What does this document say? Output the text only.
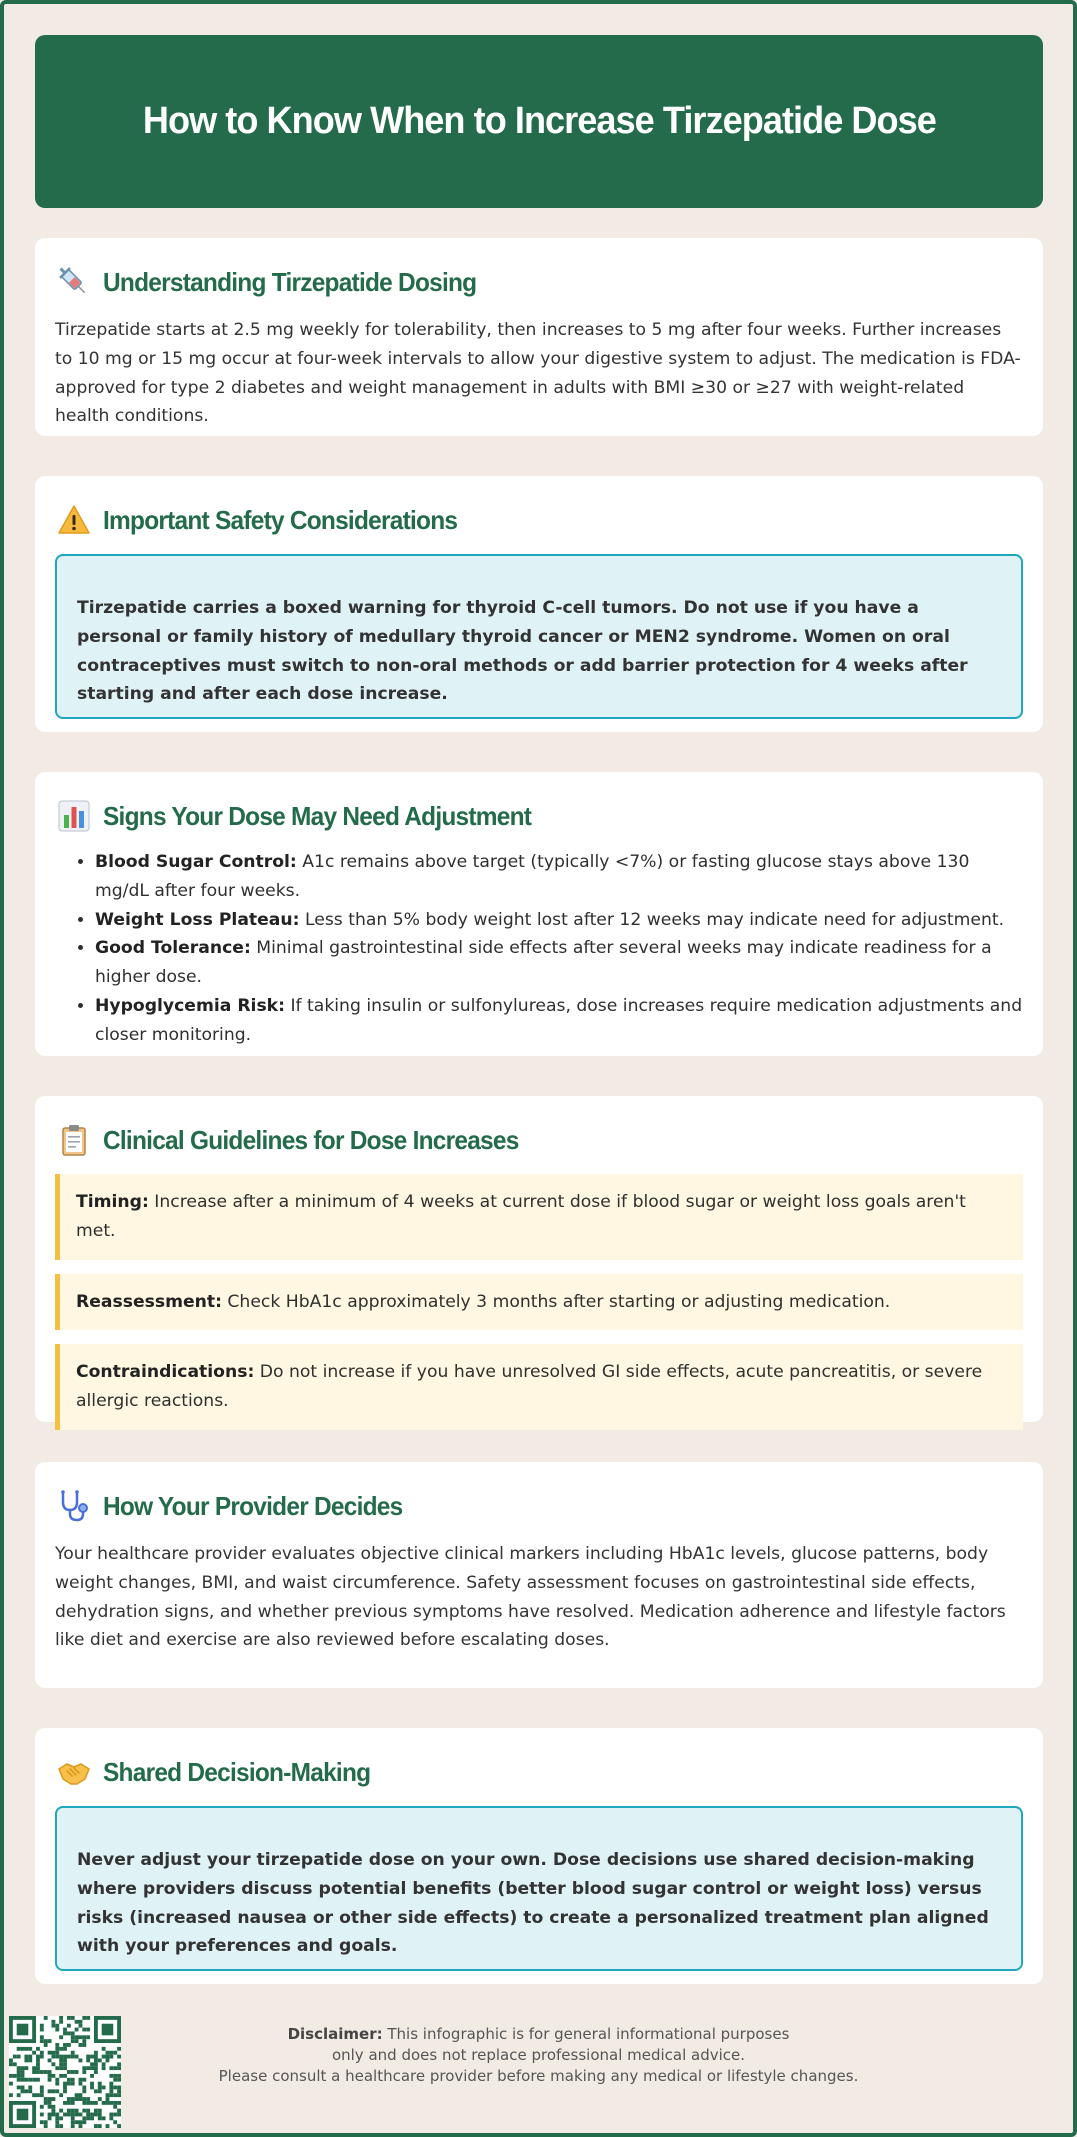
How to Know When to Increase Tirzepatide Dose
Understanding Tirzepatide Dosing

Tirzepatide starts at 2.5 mg weekly for tolerability, then increases to 5 mg after four weeks. Further increases to 10 mg or 15 mg occur at four-week intervals to allow your digestive system to adjust. The medication is FDA-approved for type 2 diabetes and weight management in adults with BMI ≥30 or ≥27 with weight-related health conditions.

Important Safety Considerations
Tirzepatide carries a boxed warning for thyroid C-cell tumors. Do not use if you have a personal or family history of medullary thyroid cancer or MEN2 syndrome. Women on oral contraceptives must switch to non-oral methods or add barrier protection for 4 weeks after starting and after each dose increase.
Signs Your Dose May Need Adjustment
• Blood Sugar Control: A1c remains above target (typically <7%) or fasting glucose stays above 130 mg/dL after four weeks.
• Weight Loss Plateau: Less than 5% body weight lost after 12 weeks may indicate need for adjustment.
• Good Tolerance: Minimal gastrointestinal side effects after several weeks may indicate readiness for a higher dose.
• Hypoglycemia Risk: If taking insulin or sulfonylureas, dose increases require medication adjustments and closer monitoring.
Clinical Guidelines for Dose Increases
Timing: Increase after a minimum of 4 weeks at current dose if blood sugar or weight loss goals aren't met.
Reassessment: Check HbA1c approximately 3 months after starting or adjusting medication.
Contraindications: Do not increase if you have unresolved GI side effects, acute pancreatitis, or severe allergic reactions.
How Your Provider Decides

Your healthcare provider evaluates objective clinical markers including HbA1c levels, glucose patterns, body weight changes, BMI, and waist circumference. Safety assessment focuses on gastrointestinal side effects, dehydration signs, and whether previous symptoms have resolved. Medication adherence and lifestyle factors like diet and exercise are also reviewed before escalating doses.

Shared Decision-Making
Never adjust your tirzepatide dose on your own. Dose decisions use shared decision-making where providers discuss potential benefits (better blood sugar control or weight loss) versus risks (increased nausea or other side effects) to create a personalized treatment plan aligned with your preferences and goals.
Disclaimer: This infographic is for general informational purposes
only and does not replace professional medical advice.
Please consult a healthcare provider before making any medical or lifestyle changes.
